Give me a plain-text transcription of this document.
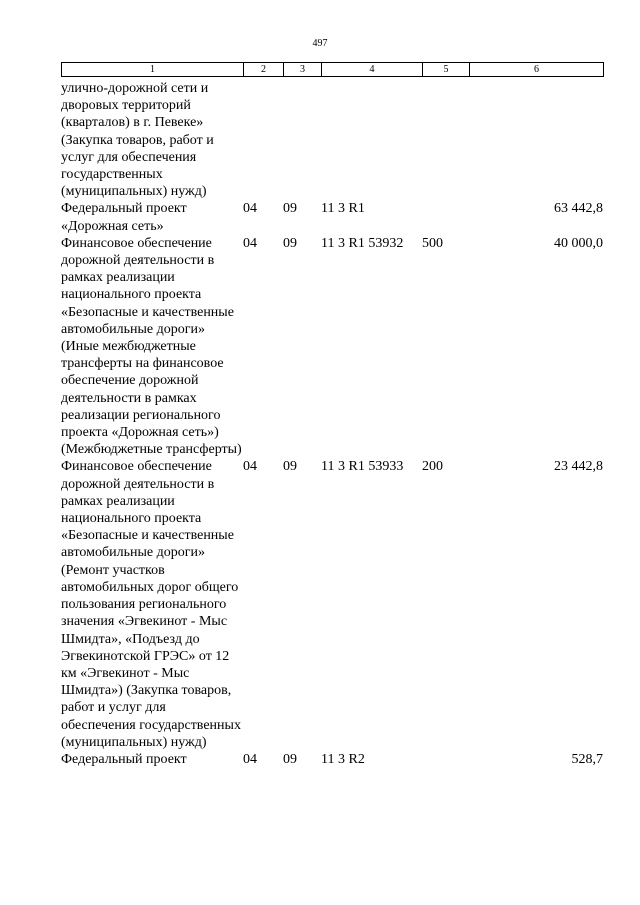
497
1	2	3	4	5	6
улично-дорожной сети и дворовых территорий (кварталов) в г. Певеке» (Закупка товаров, работ и услуг для обеспечения государственных (муниципальных) нужд)					
Федеральный проект «Дорожная сеть»	04	09	11 3 R1		63 442,8
Финансовое обеспечение дорожной деятельности в рамках реализации национального проекта «Безопасные и качественные автомобильные дороги» (Иные межбюджетные трансферты на финансовое обеспечение дорожной деятельности в рамках реализации регионального проекта «Дорожная сеть») (Межбюджетные трансферты)	04	09	11 3 R1 53932	500	40 000,0
Финансовое обеспечение дорожной деятельности в рамках реализации национального проекта «Безопасные и качественные автомобильные дороги» (Ремонт участков автомобильных дорог общего пользования регионального значения «Эгвекинот - Мыс Шмидта», «Подъезд до Эгвекинотской ГРЭС» от 12 км «Эгвекинот - Мыс Шмидта») (Закупка товаров, работ и услуг для обеспечения государственных (муниципальных) нужд)	04	09	11 3 R1 53933	200	23 442,8
Федеральный проект	04	09	11 3 R2		528,7
